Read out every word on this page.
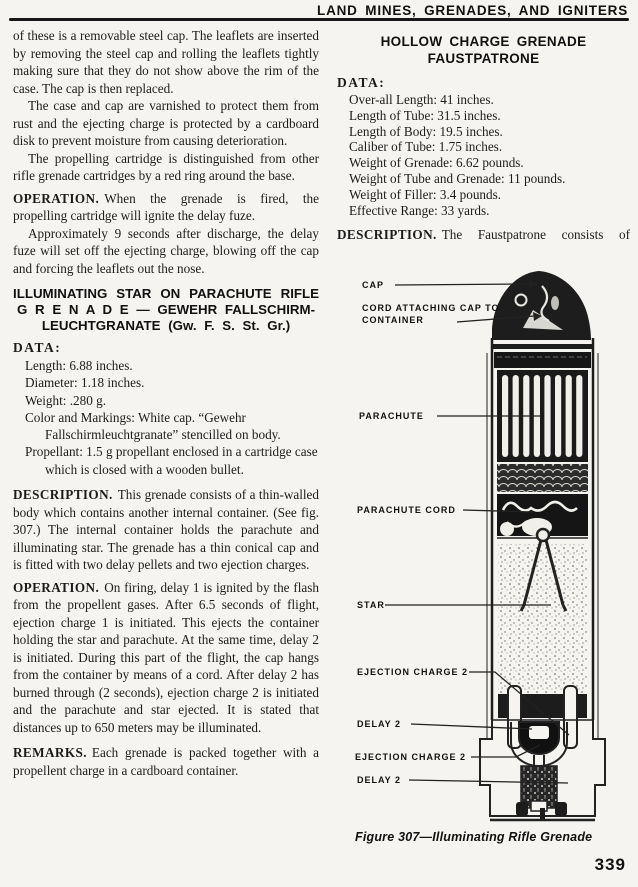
LAND MINES, GRENADES, AND IGNITERS

of these is a removable steel cap. The leaflets are inserted by removing the steel cap and rolling the leaflets tightly making sure that they do not show above the rim of the case. The cap is then replaced.

The case and cap are varnished to protect them from rust and the ejecting charge is protected by a cardboard disk to prevent moisture from causing deterioration.

The propelling cartridge is distinguished from other rifle grenade cartridges by a red ring around the base.

OPERATION. When the grenade is fired, the propelling cartridge will ignite the delay fuze.

Approximately 9 seconds after discharge, the delay fuze will set off the ejecting charge, blowing off the cap and forcing the leaflets out the nose.

ILLUMINATING STAR ON PARACHUTE RIFLE
G R E N A D E — GEWEHR FALLSCHIRM-
LEUCHTGRANATE (Gw. F. S. St. Gr.)

DATA:

Length: 6.88 inches.
Diameter: 1.18 inches.
Weight: .280 g.
Color and Markings: White cap. “Gewehr Fallschirmleuchtgranate” stencilled on body.
Propellant: 1.5 g propellant enclosed in a cartridge case which is closed with a wooden bullet.

DESCRIPTION. This grenade consists of a thin-walled body which contains another internal container. (See fig. 307.) The internal container holds the parachute and illuminating star. The grenade has a thin conical cap and is fitted with two delay pellets and two ejection charges.

OPERATION. On firing, delay 1 is ignited by the flash from the propellent gases. After 6.5 seconds of flight, ejection charge 1 is initiated. This ejects the container holding the star and parachute. At the same time, delay 2 is initiated. During this part of the flight, the cap hangs from the container by means of a cord. After delay 2 has burned through (2 seconds), ejection charge 2 is initiated and the parachute and star ejected. It is stated that distances up to 650 meters may be illuminated.

REMARKS. Each grenade is packed together with a propellent charge in a cardboard container.

HOLLOW CHARGE GRENADE
FAUSTPATRONE

DATA:

Over-all Length: 41 inches.
Length of Tube: 31.5 inches.
Length of Body: 19.5 inches.
Caliber of Tube: 1.75 inches.
Weight of Grenade: 6.62 pounds.
Weight of Tube and Grenade: 11 pounds.
Weight of Filler: 3.4 pounds.
Effective Range: 33 yards.

DESCRIPTION. The Faustpatrone consists of

CAP
CORD ATTACHING CAP TO CONTAINER
PARACHUTE
PARACHUTE CORD
STAR
EJECTION CHARGE 2
DELAY 2
EJECTION CHARGE 2
DELAY 2
Figure 307—Illuminating Rifle Grenade
339
